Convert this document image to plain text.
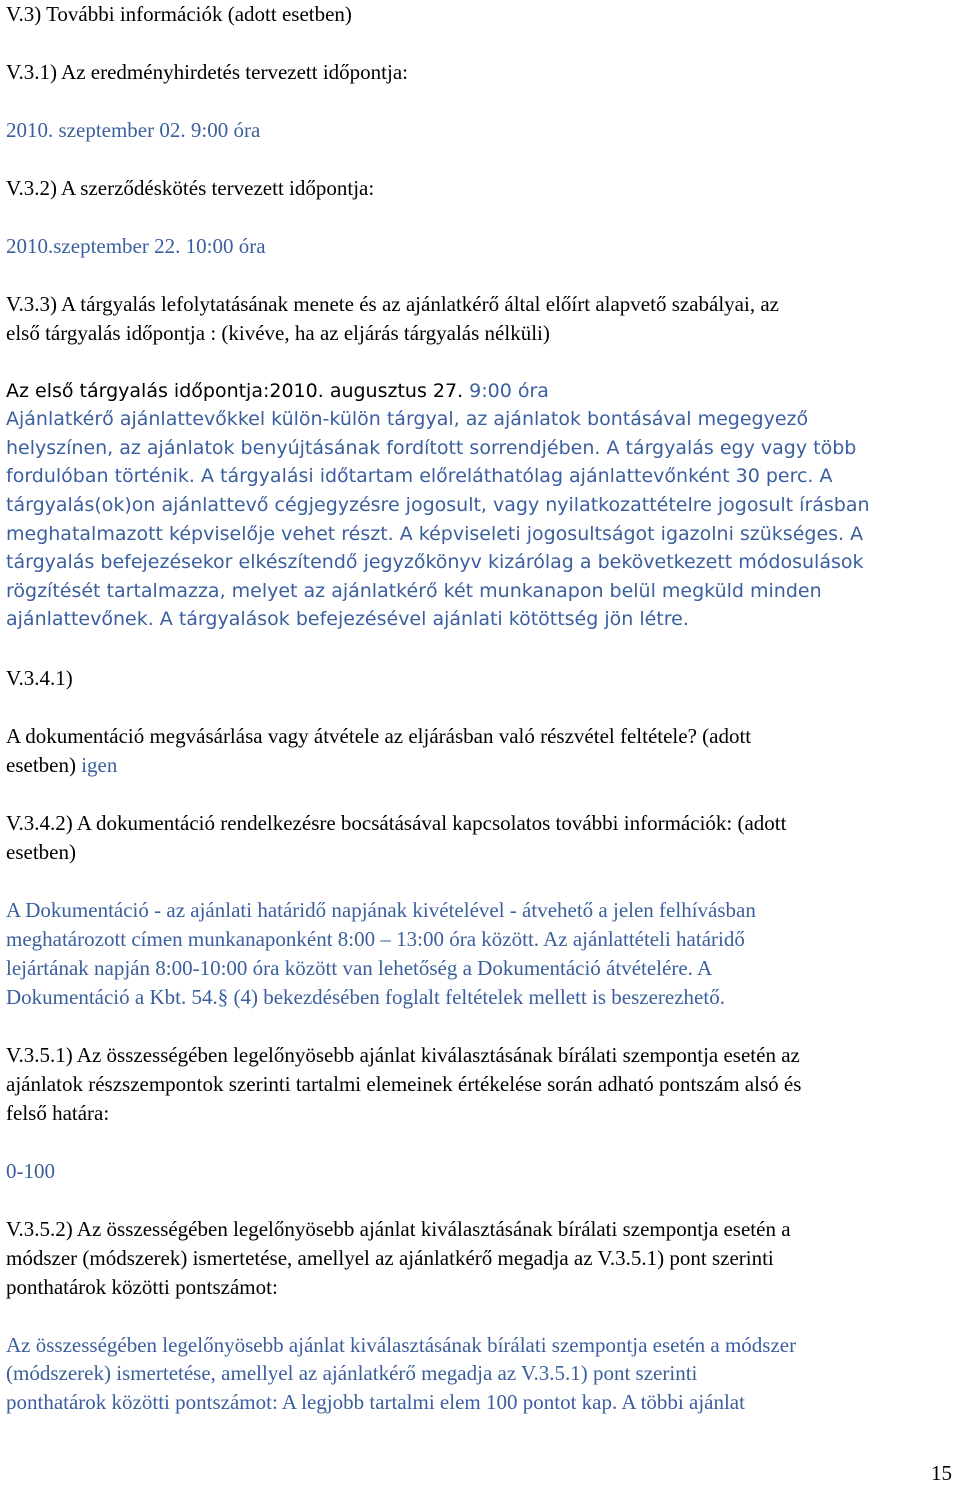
V.3) További információk (adott esetben)

V.3.1) Az eredményhirdetés tervezett időpontja:

2010. szeptember 02. 9:00 óra

V.3.2) A szerződéskötés tervezett időpontja:

2010.szeptember 22. 10:00 óra

V.3.3) A tárgyalás lefolytatásának menete és az ajánlatkérő által előírt alapvető szabályai, az

első tárgyalás időpontja : (kivéve, ha az eljárás tárgyalás nélküli)

Az első tárgyalás időpontja:2010. augusztus 27. 9:00 óra

Ajánlatkérő ajánlattevőkkel külön-külön tárgyal, az ajánlatok bontásával megegyező

helyszínen, az ajánlatok benyújtásának fordított sorrendjében. A tárgyalás egy vagy több

fordulóban történik. A tárgyalási időtartam előreláthatólag ajánlattevőnként 30 perc. A

tárgyalás(ok)on ajánlattevő cégjegyzésre jogosult, vagy nyilatkozattételre jogosult írásban

meghatalmazott képviselője vehet részt. A képviseleti jogosultságot igazolni szükséges. A

tárgyalás befejezésekor elkészítendő jegyzőkönyv kizárólag a bekövetkezett módosulások

rögzítését tartalmazza, melyet az ajánlatkérő két munkanapon belül megküld minden

ajánlattevőnek. A tárgyalások befejezésével ajánlati kötöttség jön létre.

V.3.4.1)

A dokumentáció megvásárlása vagy átvétele az eljárásban való részvétel feltétele? (adott

esetben) igen

V.3.4.2) A dokumentáció rendelkezésre bocsátásával kapcsolatos további információk: (adott

esetben)

A Dokumentáció - az ajánlati határidő napjának kivételével - átvehető a jelen felhívásban

meghatározott címen munkanaponként 8:00 – 13:00 óra között. Az ajánlattételi határidő

lejártának napján 8:00-10:00 óra között van lehetőség a Dokumentáció átvételére. A

Dokumentáció a Kbt. 54.§ (4) bekezdésében foglalt feltételek mellett is beszerezhető.

V.3.5.1) Az összességében legelőnyösebb ajánlat kiválasztásának bírálati szempontja esetén az

ajánlatok részszempontok szerinti tartalmi elemeinek értékelése során adható pontszám alsó és

felső határa:

0-100

V.3.5.2) Az összességében legelőnyösebb ajánlat kiválasztásának bírálati szempontja esetén a

módszer (módszerek) ismertetése, amellyel az ajánlatkérő megadja az V.3.5.1) pont szerinti

ponthatárok közötti pontszámot:

Az összességében legelőnyösebb ajánlat kiválasztásának bírálati szempontja esetén a módszer

(módszerek) ismertetése, amellyel az ajánlatkérő megadja az V.3.5.1) pont szerinti

ponthatárok közötti pontszámot: A legjobb tartalmi elem 100 pontot kap. A többi ajánlat

15
